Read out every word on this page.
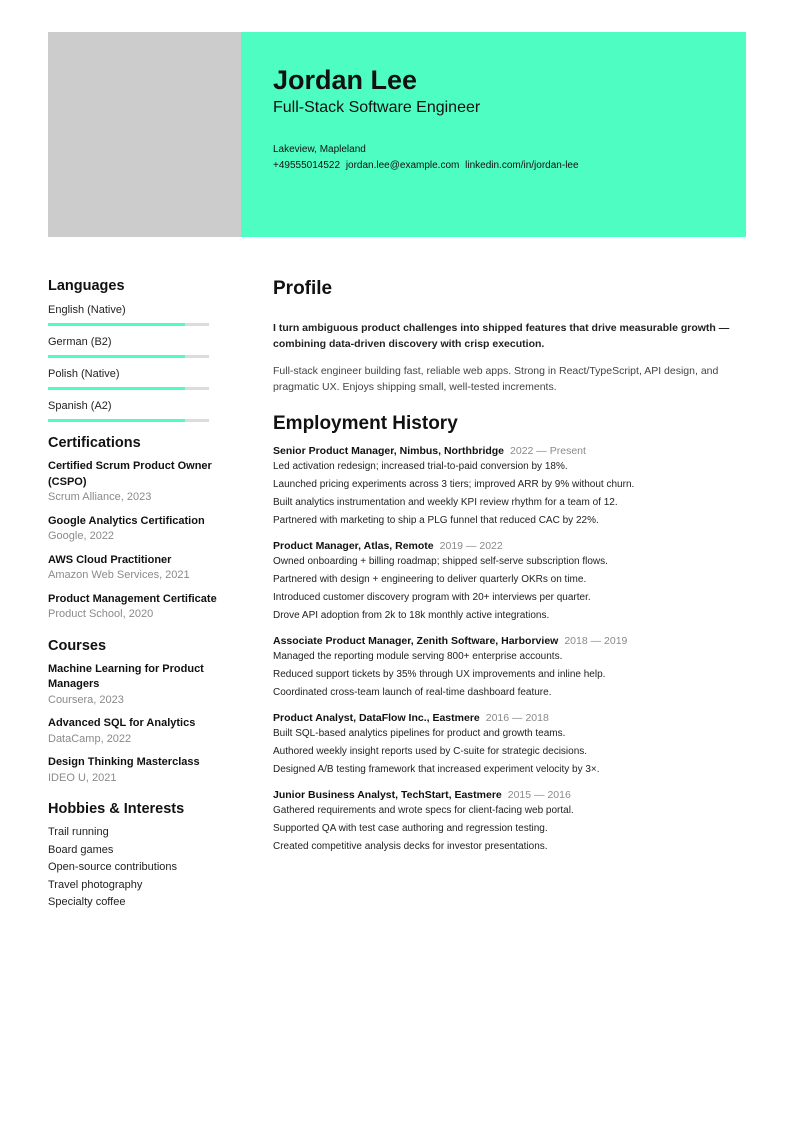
Jordan Lee
Full-Stack Software Engineer
Lakeview, Mapleland
+49555014522 jordan.lee@example.com linkedin.com/in/jordan-lee
Languages
English (Native)
German (B2)
Polish (Native)
Spanish (A2)
Certifications
Certified Scrum Product Owner (CSPO)
Scrum Alliance, 2023
Google Analytics Certification
Google, 2022
AWS Cloud Practitioner
Amazon Web Services, 2021
Product Management Certificate
Product School, 2020
Courses
Machine Learning for Product Managers
Coursera, 2023
Advanced SQL for Analytics
DataCamp, 2022
Design Thinking Masterclass
IDEO U, 2021
Hobbies & Interests
Trail running
Board games
Open-source contributions
Travel photography
Specialty coffee
Profile
I turn ambiguous product challenges into shipped features that drive measurable growth — combining data-driven discovery with crisp execution.
Full-stack engineer building fast, reliable web apps. Strong in React/TypeScript, API design, and pragmatic UX. Enjoys shipping small, well-tested increments.
Employment History
Senior Product Manager, Nimbus, Northbridge 2022 — Present
Led activation redesign; increased trial-to-paid conversion by 18%.
Launched pricing experiments across 3 tiers; improved ARR by 9% without churn.
Built analytics instrumentation and weekly KPI review rhythm for a team of 12.
Partnered with marketing to ship a PLG funnel that reduced CAC by 22%.
Product Manager, Atlas, Remote 2019 — 2022
Owned onboarding + billing roadmap; shipped self-serve subscription flows.
Partnered with design + engineering to deliver quarterly OKRs on time.
Introduced customer discovery program with 20+ interviews per quarter.
Drove API adoption from 2k to 18k monthly active integrations.
Associate Product Manager, Zenith Software, Harborview 2018 — 2019
Managed the reporting module serving 800+ enterprise accounts.
Reduced support tickets by 35% through UX improvements and inline help.
Coordinated cross-team launch of real-time dashboard feature.
Product Analyst, DataFlow Inc., Eastmere 2016 — 2018
Built SQL-based analytics pipelines for product and growth teams.
Authored weekly insight reports used by C-suite for strategic decisions.
Designed A/B testing framework that increased experiment velocity by 3×.
Junior Business Analyst, TechStart, Eastmere 2015 — 2016
Gathered requirements and wrote specs for client-facing web portal.
Supported QA with test case authoring and regression testing.
Created competitive analysis decks for investor presentations.
